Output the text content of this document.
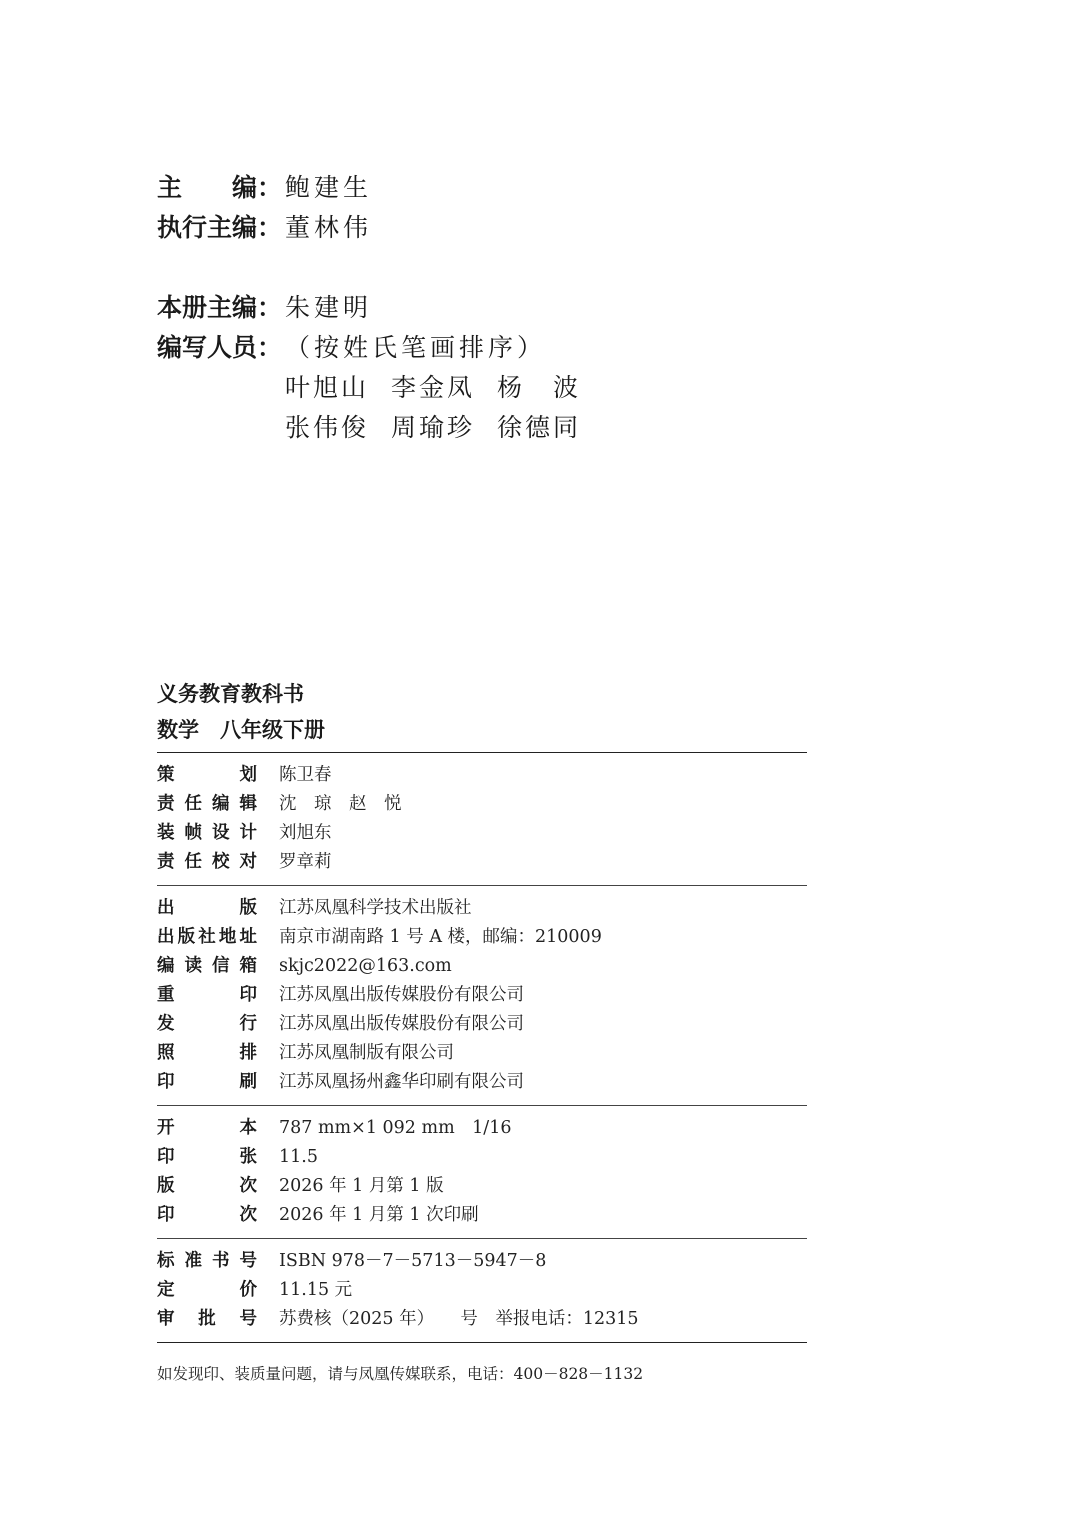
主　　编： 鲍建生
执行主编： 董林伟
本册主编： 朱建明
编写人员： （按姓氏笔画排序）
叶旭山 李金凤 杨　波
张伟俊 周瑜珍 徐德同
义务教育教科书
数学　八年级下册
策	划 陈卫春
责 任 编 辑 沈　琼　赵　悦
装 帧 设 计 刘旭东
责 任 校 对 罗章莉
出	版 江苏凤凰科学技术出版社
出 版 社 地 址 南京市湖南路 1 号 A 楼，邮编：210009
编 读 信 箱 skjc2022@163.com
重	印 江苏凤凰出版传媒股份有限公司
发	行 江苏凤凰出版传媒股份有限公司
照	排 江苏凤凰制版有限公司
印	刷 江苏凤凰扬州鑫华印刷有限公司
开	本 787 mm×1 092 mm　1/16
印	张 11.5
版	次 2026 年 1 月第 1 版
印	次 2026 年 1 月第 1 次印刷
标 准 书 号 ISBN 978－7－5713－5947－8
定	价 11.15 元
审 批 号 苏费核（2025 年）　　号　举报电话：12315
如发现印、装质量问题，请与凤凰传媒联系，电话：400－828－1132
